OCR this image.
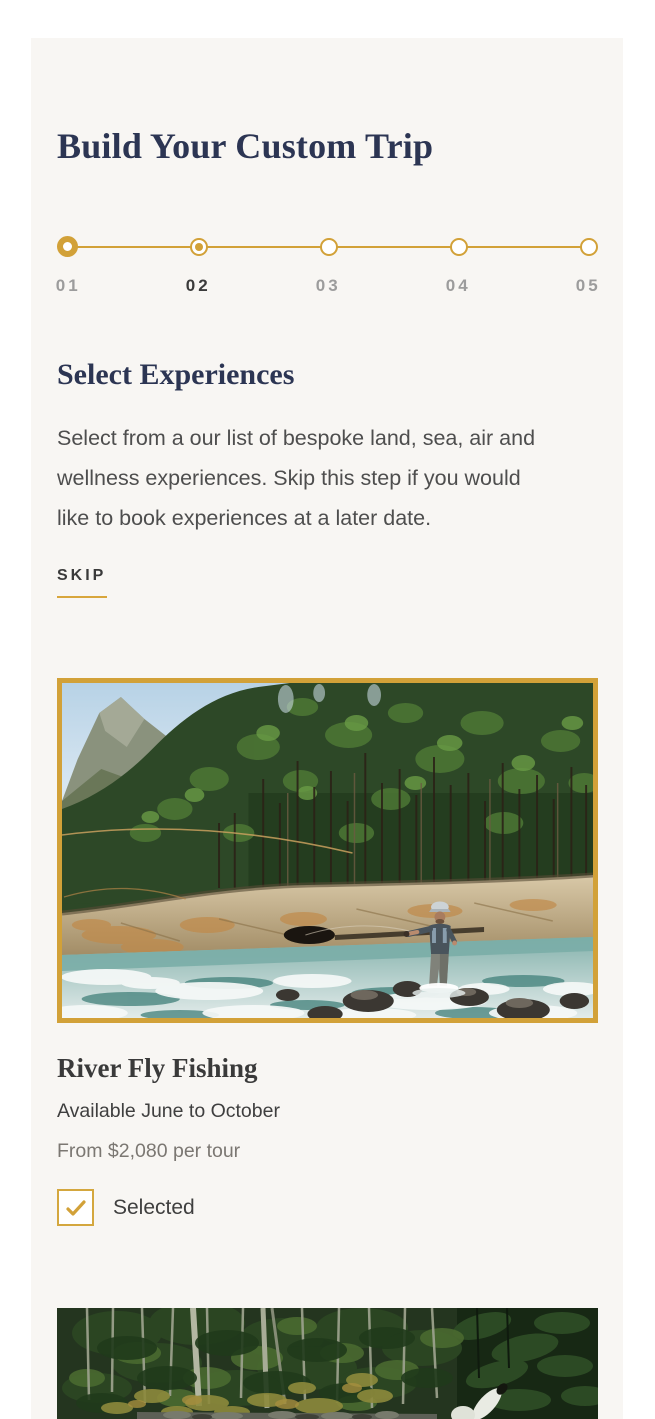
Build Your Custom Trip
01	02	03	04	05
Select Experiences

Select from a our list of bespoke land, sea, air and
wellness experiences. Skip this step if you would
like to book experiences at a later date.

SKIP
River Fly Fishing

Available June to October

From $2,080 per tour

Selected
